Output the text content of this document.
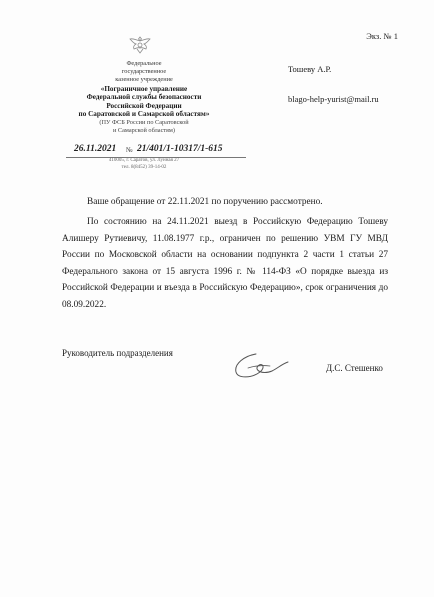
Экз. № 1
Федеральное
государственное
казенное учреждение
«Пограничное управление
Федеральной службы безопасности
Российской Федерации
по Саратовской и Самарской областям»
(ПУ ФСБ России по Саратовской
и Самарской областям)
26.11.2021 № 21/401/1-10317/1-615
410005, г. Саратов, ул. Лунная 27
тел. 8(8452) 39-14-02
Тошеву А.Р.
blago-help-yurist@mail.ru
Ваше обращение от 22.11.2021 по поручению рассмотрено.
По состоянию на 24.11.2021 выезд в Российскую Федерацию Тошеву Алишеру Рутиевичу, 11.08.1977 г.р., ограничен по решению УВМ ГУ МВД России по Московской области на основании подпункта 2 части 1 статьи 27 Федерального закона от 15 августа 1996 г. № 114-ФЗ «О порядке выезда из Российской Федерации и въезда в Российскую Федерацию», срок ограничения до 08.09.2022.
Руководитель подразделения
Д.С. Стешенко
